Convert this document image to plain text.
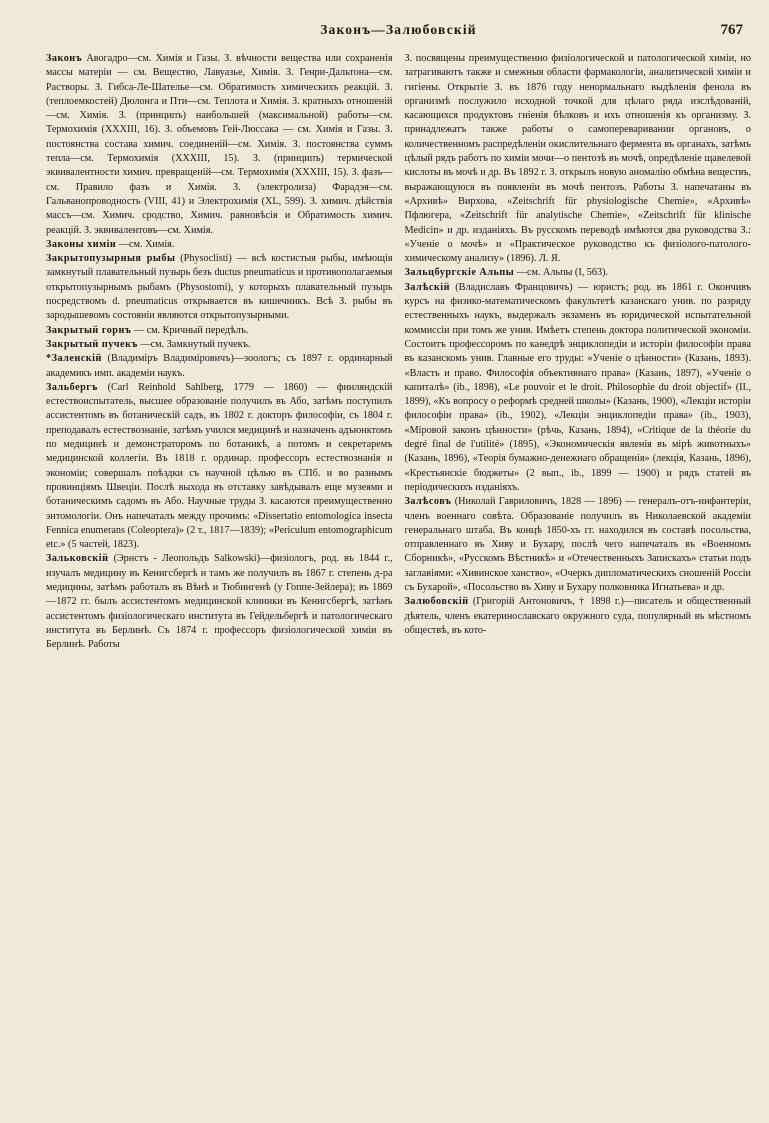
Законъ—Залюбовскій	767

Законъ Авогадро—см. Химія и Газы. З. вѣчности вещества или сохраненія массы матеріи — см. Вещество, Лавуазье, Химія. З. Генри-Дальтона—см. Растворы. З. Гибса-Ле-Шателье—см. Обратимость химическихъ реакцій. З. (теплоемкостей) Дюлонга и Пти—см. Теплота и Химія. З. кратныхъ отношеній—см. Химія. З. (принципъ) наибольшей (максимальной) работы—см. Термохимія (XXXIII, 16). З. объемовъ Гей-Люссака — см. Химія и Газы. З. постоянства состава химич. соединеній—см. Химія. З. постоянства суммъ тепла—см. Термохимія (XXXIII, 15). З. (принципъ) термической эквивалентности химич. превращеній—см. Термохимія (XXXIII, 15). З. фазъ—см. Правило фазъ и Химія. З. (электролиза) Фарадэя—см. Гальванопроводность (VIII, 41) и Электрохимія (XL, 599). З. химич. дѣйствія массъ—см. Химич. сродство, Химич. равновѣсія и Обратимость химич. реакцій. З. эквивалентовъ—см. Химія.

Законы химіи —см. Химія.

Закрытопузырныя рыбы (Physoclisti) — всѣ костистыя рыбы, имѣющія замкнутый плавательный пузырь безъ ductus pneumaticus и противополагаемыя открытопузырнымъ рыбамъ (Physostomi), у которыхъ плавательный пузырь посредствомъ d. pneumaticus открывается въ кишечникъ. Всѣ З. рыбы въ зародышевомъ состояніи являются открытопузырными.

Закрытый горнъ — см. Кричный передѣлъ.

Закрытый пучекъ —см. Замкнутый пучекъ.

*Заленскій (Владиміръ Владиміровичъ)—зоологъ; съ 1897 г. ординарный академикъ имп. академіи наукъ.

Зальбергъ (Carl Reinhold Sahlberg, 1779 — 1860) — финляндскій естествоиспытатель, высшее образованіе получилъ въ Або, затѣмъ поступилъ ассистентомъ въ ботаническій садъ, въ 1802 г. докторъ философіи, съ 1804 г. преподавалъ естествознаніе, затѣмъ учился медицинѣ и назначенъ адъюнктомъ по медицинѣ и демонстраторомъ по ботаникѣ, а потомъ и секретаремъ медицинской коллегіи. Въ 1818 г. ординар. профессоръ естествознанія и экономіи; совершалъ поѣздки съ научной цѣлью въ СПб. и во разнымъ провинціямъ Швеціи. Послѣ выхода въ отставку завѣдывалъ еще музеями и ботаническимъ садомъ въ Або. Научные труды З. касаются преимущественно энтомологіи. Онъ напечаталъ между прочимъ: «Dissertatio entomologica insecta Fennica enumerans (Coleoptera)» (2 т., 1817—1839); «Periculum entomographicum etc.» (5 частей, 1823).

Зальковскій (Эрнстъ - Леопольдъ Salkowski)—физіологъ, род. въ 1844 г., изучалъ медицину въ Кенигсбергѣ и тамъ же получилъ въ 1867 г. степень д-ра медицины, затѣмъ работалъ въ Вѣнѣ и Тюбингенѣ (у Гоппе-Зейлера); въ 1869—1872 гг. былъ ассистентомъ медицинской клиники въ Кенигсбергѣ, затѣмъ ассистентомъ физіологическаго института въ Гейдельбергѣ и патологическаго института въ Берлинѣ. Съ 1874 г. профессоръ физіологической химіи въ Берлинѣ. Работы

З. посвящены преимущественно физіологической и патологической химіи, но затрагиваютъ также и смежныя области фармакологіи, аналитической химіи и гигіены. Открытіе З. въ 1876 году ненормальнаго выдѣленія фенола въ организмѣ послужило исходной точкой для цѣлаго ряда изслѣдованій, касающихся продуктовъ гніенія бѣлковъ и ихъ отношенія къ организму. З. принадлежатъ также работы о самопереваривании органовъ, о количественномъ распредѣленіи окислительнаго фермента въ органахъ, затѣмъ цѣлый рядъ работъ по химіи мочи—о пентозѣ въ мочѣ, опредѣленіе щавелевой кислоты въ мочѣ и др. Въ 1892 г. З. открылъ новую аномалію обмѣна веществъ, выражающуюся въ появленіи въ мочѣ пентозъ. Работы З. напечатаны въ «Архивѣ» Вирхова, «Zeitschrift für physiologische Chemie», «Архивѣ» Пфлюгера, «Zeitschrift für analytische Chemie», «Zeitschrift für klinische Medicin» и др. изданіяхъ. Въ русскомъ переводѣ имѣются два руководства З.: «Ученіе о мочѣ» и «Практическое руководство къ физіолого-патолого-химическому анализу» (1896). Л. Я.

Зальцбургскіе Альпы —см. Альпы (I, 563).

Залѣскій (Владиславъ Францовичъ) — юристъ; род. въ 1861 г. Окончивъ курсъ на физико-математическомъ факультетѣ казанскаго унив. по разряду естественныхъ наукъ, выдержалъ экзаменъ въ юридической испытательной коммиссіи при томъ же унив. Имѣетъ степень доктора политической экономіи. Состоитъ профессоромъ по каѳедрѣ энциклопедіи и исторіи философіи права въ казанскомъ унив. Главные его труды: «Ученіе о цѣнности» (Казань, 1893). «Власть и право. Философія объективнаго права» (Казань, 1897), «Ученіе о капиталѣ» (ib., 1898), «Le pouvoir et le droit. Philosophie du droit objectif» (II., 1899), «Къ вопросу о реформѣ средней школы» (Казань, 1900), «Лекціи исторіи философіи права» (ib., 1902), «Лекціи энциклопедіи права» (ib., 1903), «Міровой законъ цѣнности» (рѣчь, Казань, 1894), «Critique de la théorie du degré final de l'utilité» (1895), «Экономическія явленія въ мірѣ животныхъ» (Казань, 1896), «Теорія бумажно-денежнаго обращенія» (лекція, Казань, 1896), «Крестьянскіе бюджеты» (2 вып., ib., 1899 — 1900) и рядъ статей въ періодическихъ изданіяхъ.

Залѣсовъ (Николай Гавриловичъ, 1828 — 1896) — генералъ-отъ-инфантеріи, членъ военнаго совѣта. Образованіе получилъ въ Николаевской академіи генеральнаго штаба. Въ концѣ 1850-хъ гг. находился въ составѣ посольства, отправленнаго въ Хиву и Бухару, послѣ чего напечаталъ въ «Военномъ Сборникѣ», «Русскомъ Вѣстникѣ» и «Отечественныхъ Запискахъ» статьи подъ заглавіями: «Хивинское ханство», «Очеркъ дипломатическихъ сношеній Россіи съ Бухарой», «Посольство въ Хиву и Бухару полковника Игнатьева» и др.

Залюбовскій (Григорій Антоновичъ, † 1898 г.)—писатель и общественный дѣятель, членъ екатеринославскаго окружного суда, популярный въ мѣстномъ обществѣ, въ кото-
